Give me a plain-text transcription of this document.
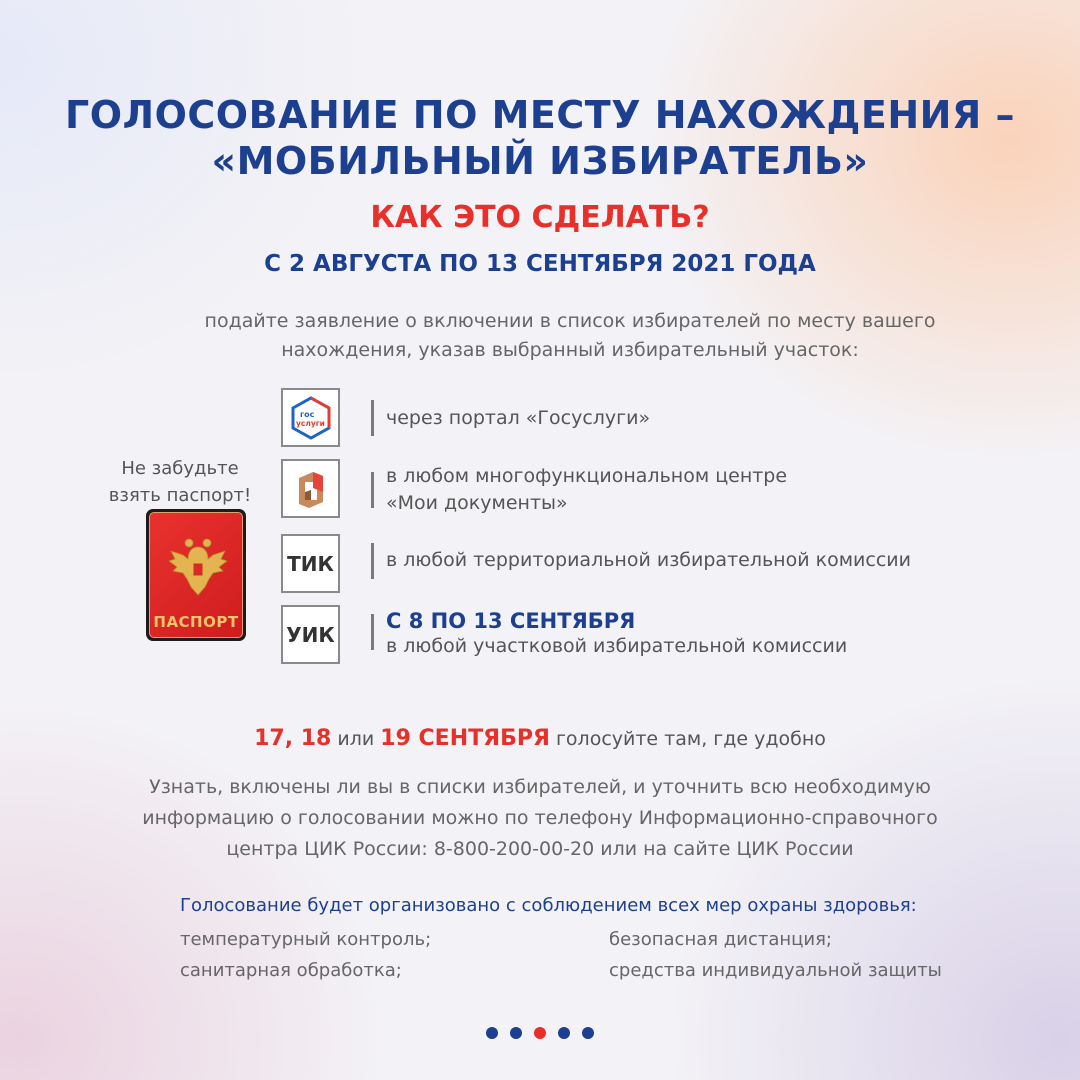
ГОЛОСОВАНИЕ ПО МЕСТУ НАХОЖДЕНИЯ –
«МОБИЛЬНЫЙ ИЗБИРАТЕЛЬ»
КАК ЭТО СДЕЛАТЬ?
С 2 АВГУСТА ПО 13 СЕНТЯБРЯ 2021 ГОДА
подайте заявление о включении в список избирателей по месту вашего
нахождения, указав выбранный избирательный участок:
Не забудьте
взять паспорт!
ПАСПОРТ
гос
услуги	через портал «Госуслуги»
в любом многофункциональном центре
«Мои документы»
ТИК	в любой территориальной избирательной комиссии
УИК
С 8 ПО 13 СЕНТЯБРЯ
в любой участковой избирательной комиссии
17, 18 или 19 СЕНТЯБРЯ голосуйте там, где удобно
Узнать, включены ли вы в списки избирателей, и уточнить всю необходимую
информацию о голосовании можно по телефону Информационно-справочного
центра ЦИК России: 8-800-200-00-20 или на сайте ЦИК России
Голосование будет организовано с соблюдением всех мер охраны здоровья:
температурный контроль;
санитарная обработка;
безопасная дистанция;
средства индивидуальной защиты
